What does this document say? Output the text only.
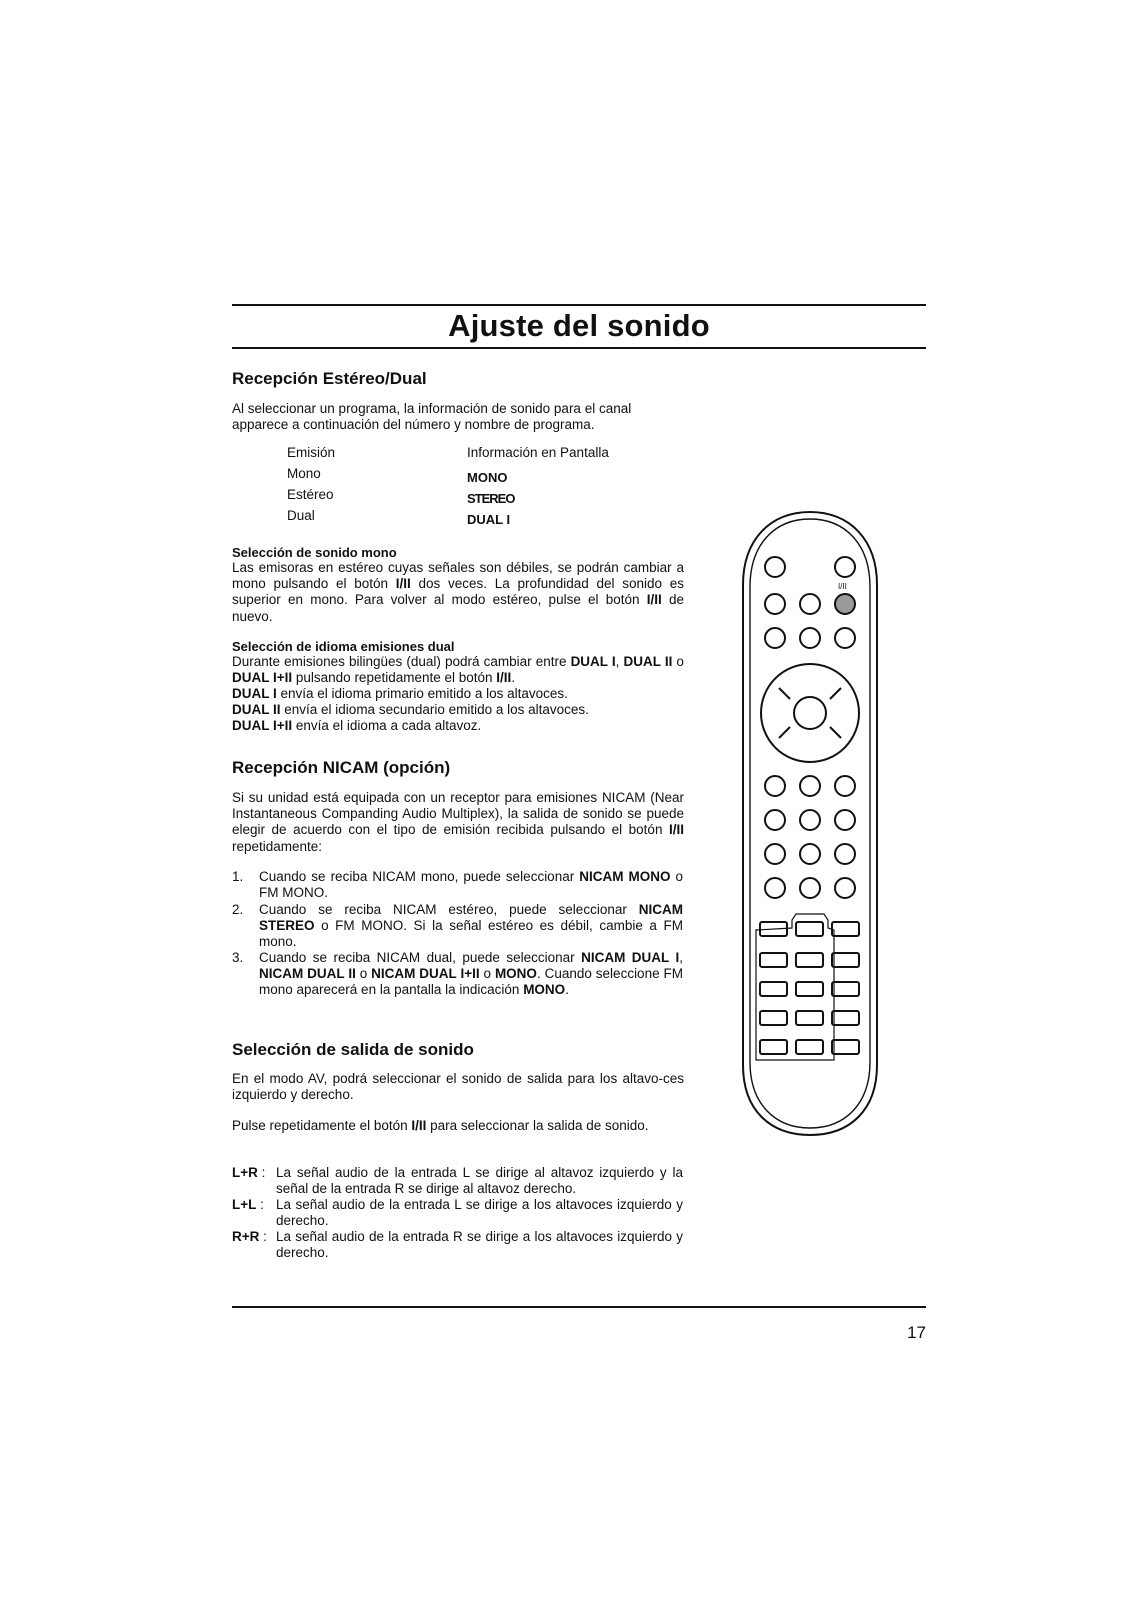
Ajuste del sonido
Recepción Estéreo/Dual
Al seleccionar un programa, la información de sonido para el canal apparece a continuación del número y nombre de programa.
Emisión	Información en Pantalla
Mono	MONO
Estéreo	STEREO
Dual	DUAL I
Selección de sonido mono
Las emisoras en estéreo cuyas señales son débiles, se podrán cambiar a mono pulsando el botón I/II dos veces. La profundidad del sonido es superior en mono. Para volver al modo estéreo, pulse el botón I/II de nuevo.
Selección de idioma emisiones dual
Durante emisiones bilingües (dual) podrá cambiar entre DUAL I, DUAL II o DUAL I+II pulsando repetidamente el botón I/II.
DUAL I envía el idioma primario emitido a los altavoces.
DUAL II envía el idioma secundario emitido a los altavoces.
DUAL I+II envía el idioma a cada altavoz.
Recepción NICAM (opción)
Si su unidad está equipada con un receptor para emisiones NICAM (Near Instantaneous Companding Audio Multiplex), la salida de sonido se puede elegir de acuerdo con el tipo de emisión recibida pulsando el botón I/II repetidamente:
1. Cuando se reciba NICAM mono, puede seleccionar NICAM MONO o FM MONO.
2. Cuando se reciba NICAM estéreo, puede seleccionar NICAM STEREO o FM MONO. Si la señal estéreo es débil, cambie a FM mono.
3. Cuando se reciba NICAM dual, puede seleccionar NICAM DUAL I, NICAM DUAL II o NICAM DUAL I+II o MONO. Cuando seleccione FM mono aparecerá en la pantalla la indicación MONO.
Selección de salida de sonido
En el modo AV, podrá seleccionar el sonido de salida para los altavo-ces izquierdo y derecho.
Pulse repetidamente el botón I/II para seleccionar la salida de sonido.
L+R : La señal audio de la entrada L se dirige al altavoz izquierdo y la señal de la entrada R se dirige al altavoz derecho.
L+L : La señal audio de la entrada L se dirige a los altavoces izquierdo y derecho.
R+R : La señal audio de la entrada R se dirige a los altavoces izquierdo y derecho.
17
I/II
